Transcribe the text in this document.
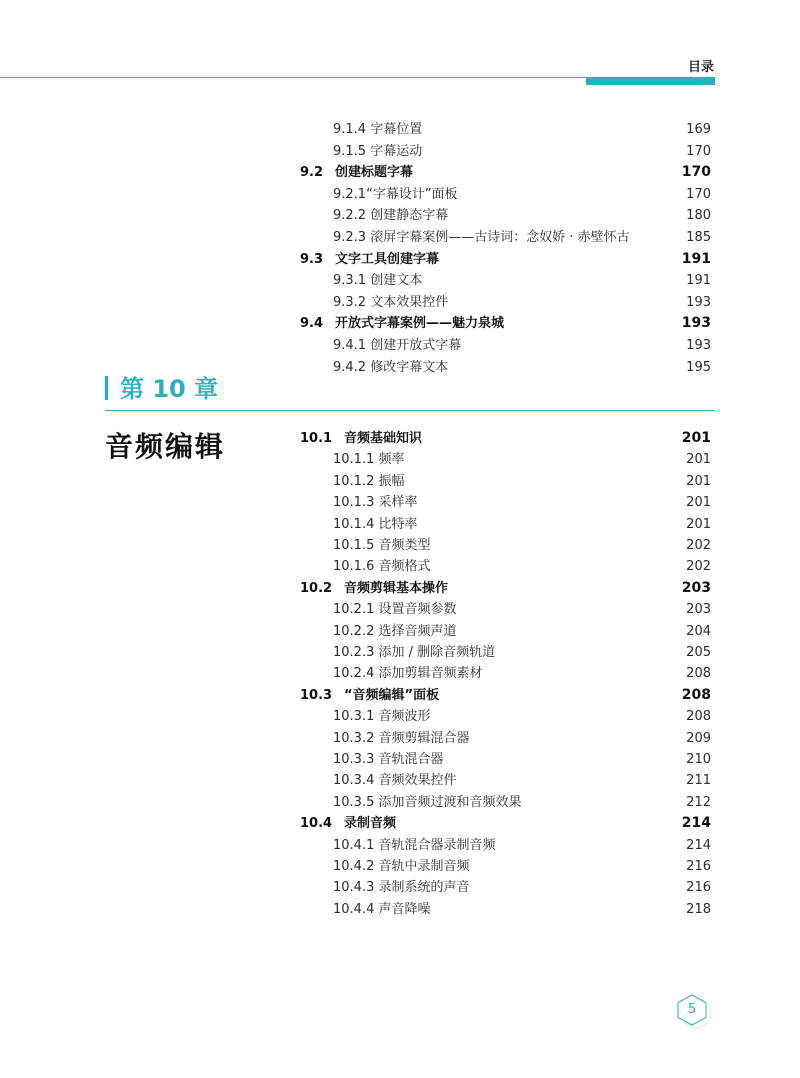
目录
9.1.4 字幕位置	169
9.1.5 字幕运动	170
9.2 创建标题字幕	170
9.2.1“字幕设计”面板	170
9.2.2 创建静态字幕	180
9.2.3 滚屏字幕案例——古诗词：念奴娇 · 赤壁怀古	185
9.3 文字工具创建字幕	191
9.3.1 创建文本	191
9.3.2 文本效果控件	193
9.4 开放式字幕案例——魅力泉城	193
9.4.1 创建开放式字幕	193
9.4.2 修改字幕文本	195
第 10 章
音频编辑	10.1 音频基础知识	201
10.1.1 频率	201
10.1.2 振幅	201
10.1.3 采样率	201
10.1.4 比特率	201
10.1.5 音频类型	202
10.1.6 音频格式	202
10.2 音频剪辑基本操作	203
10.2.1 设置音频参数	203
10.2.2 选择音频声道	204
10.2.3 添加 / 删除音频轨道	205
10.2.4 添加剪辑音频素材	208
10.3 “音频编辑”面板	208
10.3.1 音频波形	208
10.3.2 音频剪辑混合器	209
10.3.3 音轨混合器	210
10.3.4 音频效果控件	211
10.3.5 添加音频过渡和音频效果	212
10.4 录制音频	214
10.4.1 音轨混合器录制音频	214
10.4.2 音轨中录制音频	216
10.4.3 录制系统的声音	216
10.4.4 声音降噪	218
5
